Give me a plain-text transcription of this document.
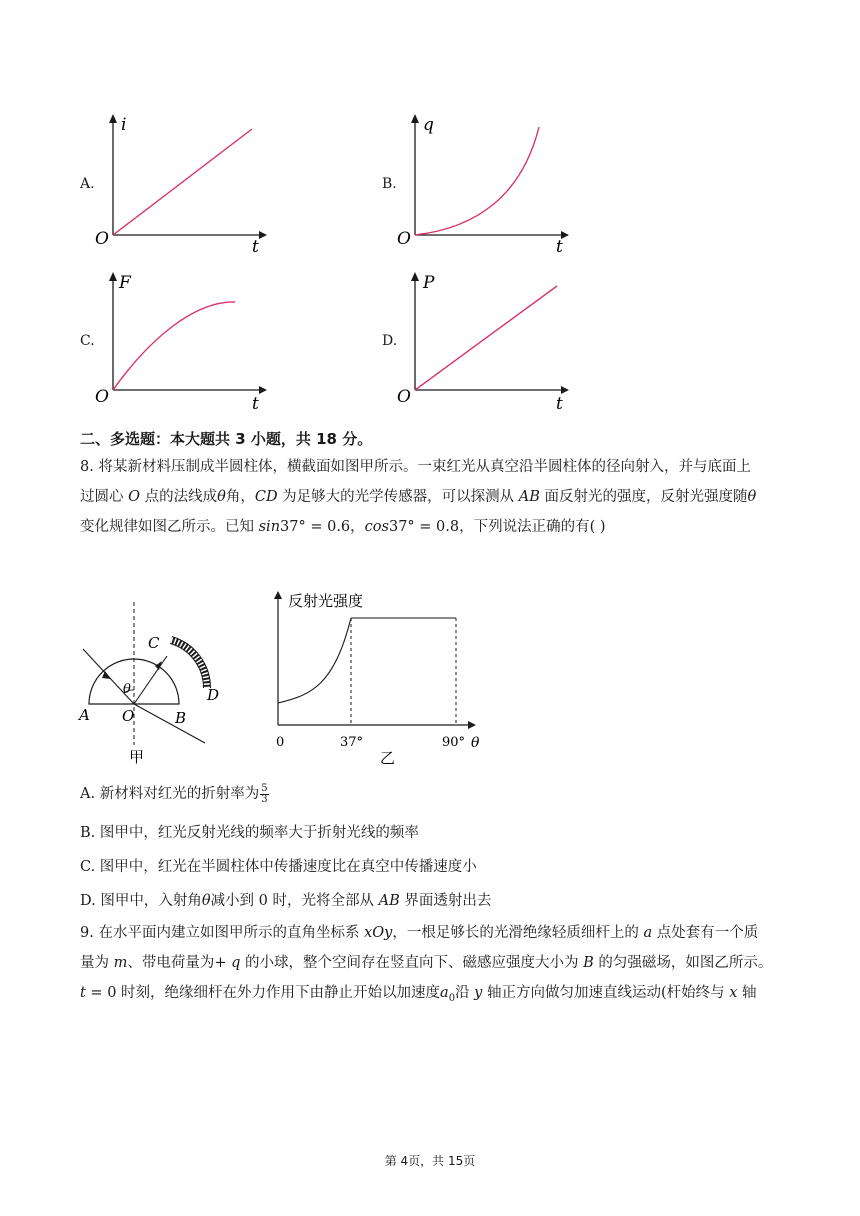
A.
i
O	t
B.
q
O	t
C.
F
O	t
D.
P
O	t
二、多选题：本大题共 3 小题，共 18 分。
8. 将某新材料压制成半圆柱体，横截面如图甲所示。一束红光从真空沿半圆柱体的径向射入，并与底面上
过圆心 O 点的法线成θ角，CD 为足够大的光学传感器，可以探测从 AB 面反射光的强度，反射光强度随θ
变化规律如图乙所示。已知 sin37° = 0.6，cos37° = 0.8，下列说法正确的有( )
A O	B
C
D
θ
甲
反射光强度
0	37°	90° θ
乙
A. 新材料对红光的折射率为 $\frac{5}{3}$
B. 图甲中，红光反射光线的频率大于折射光线的频率
C. 图甲中，红光在半圆柱体中传播速度比在真空中传播速度小
D. 图甲中，入射角θ减小到 0 时，光将全部从 AB 界面透射出去
9. 在水平面内建立如图甲所示的直角坐标系 xOy，一根足够长的光滑绝缘轻质细杆上的 a 点处套有一个质
量为 m、带电荷量为+ q 的小球，整个空间存在竖直向下、磁感应强度大小为 B 的匀强磁场，如图乙所示。
t = 0 时刻，绝缘细杆在外力作用下由静止开始以加速度$a_0$沿 y 轴正方向做匀加速直线运动(杆始终与 x 轴
第 4页，共 15页
